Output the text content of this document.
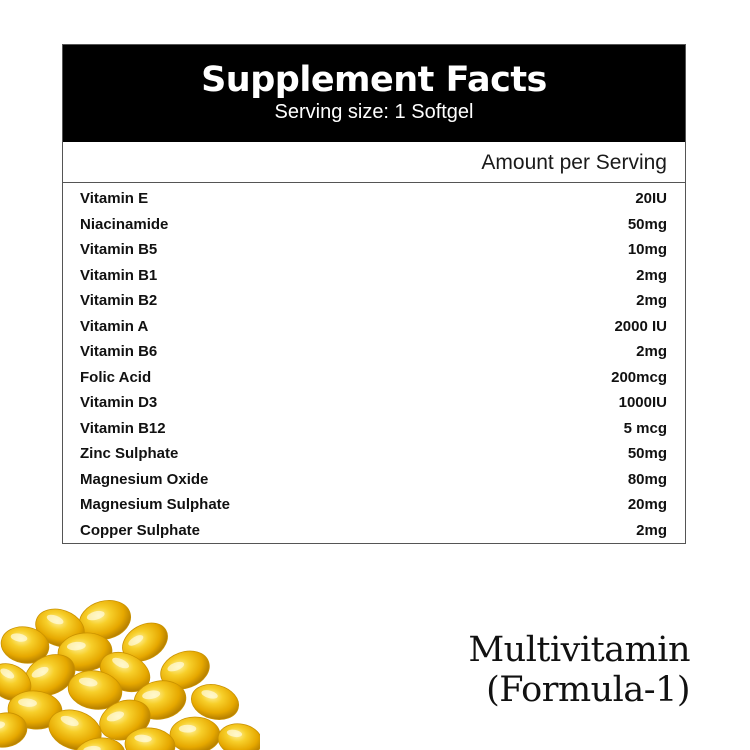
Supplement Facts
Serving size: 1 Softgel
Amount per Serving
Vitamin E	20IU
Niacinamide	50mg
Vitamin B5	10mg
Vitamin B1	2mg
Vitamin B2	2mg
Vitamin A	2000 IU
Vitamin B6	2mg
Folic Acid	200mcg
Vitamin D3	1000IU
Vitamin B12	5 mcg
Zinc Sulphate	50mg
Magnesium Oxide	80mg
Magnesium Sulphate	20mg
Copper Sulphate	2mg
Multivitamin
(Formula-1)
